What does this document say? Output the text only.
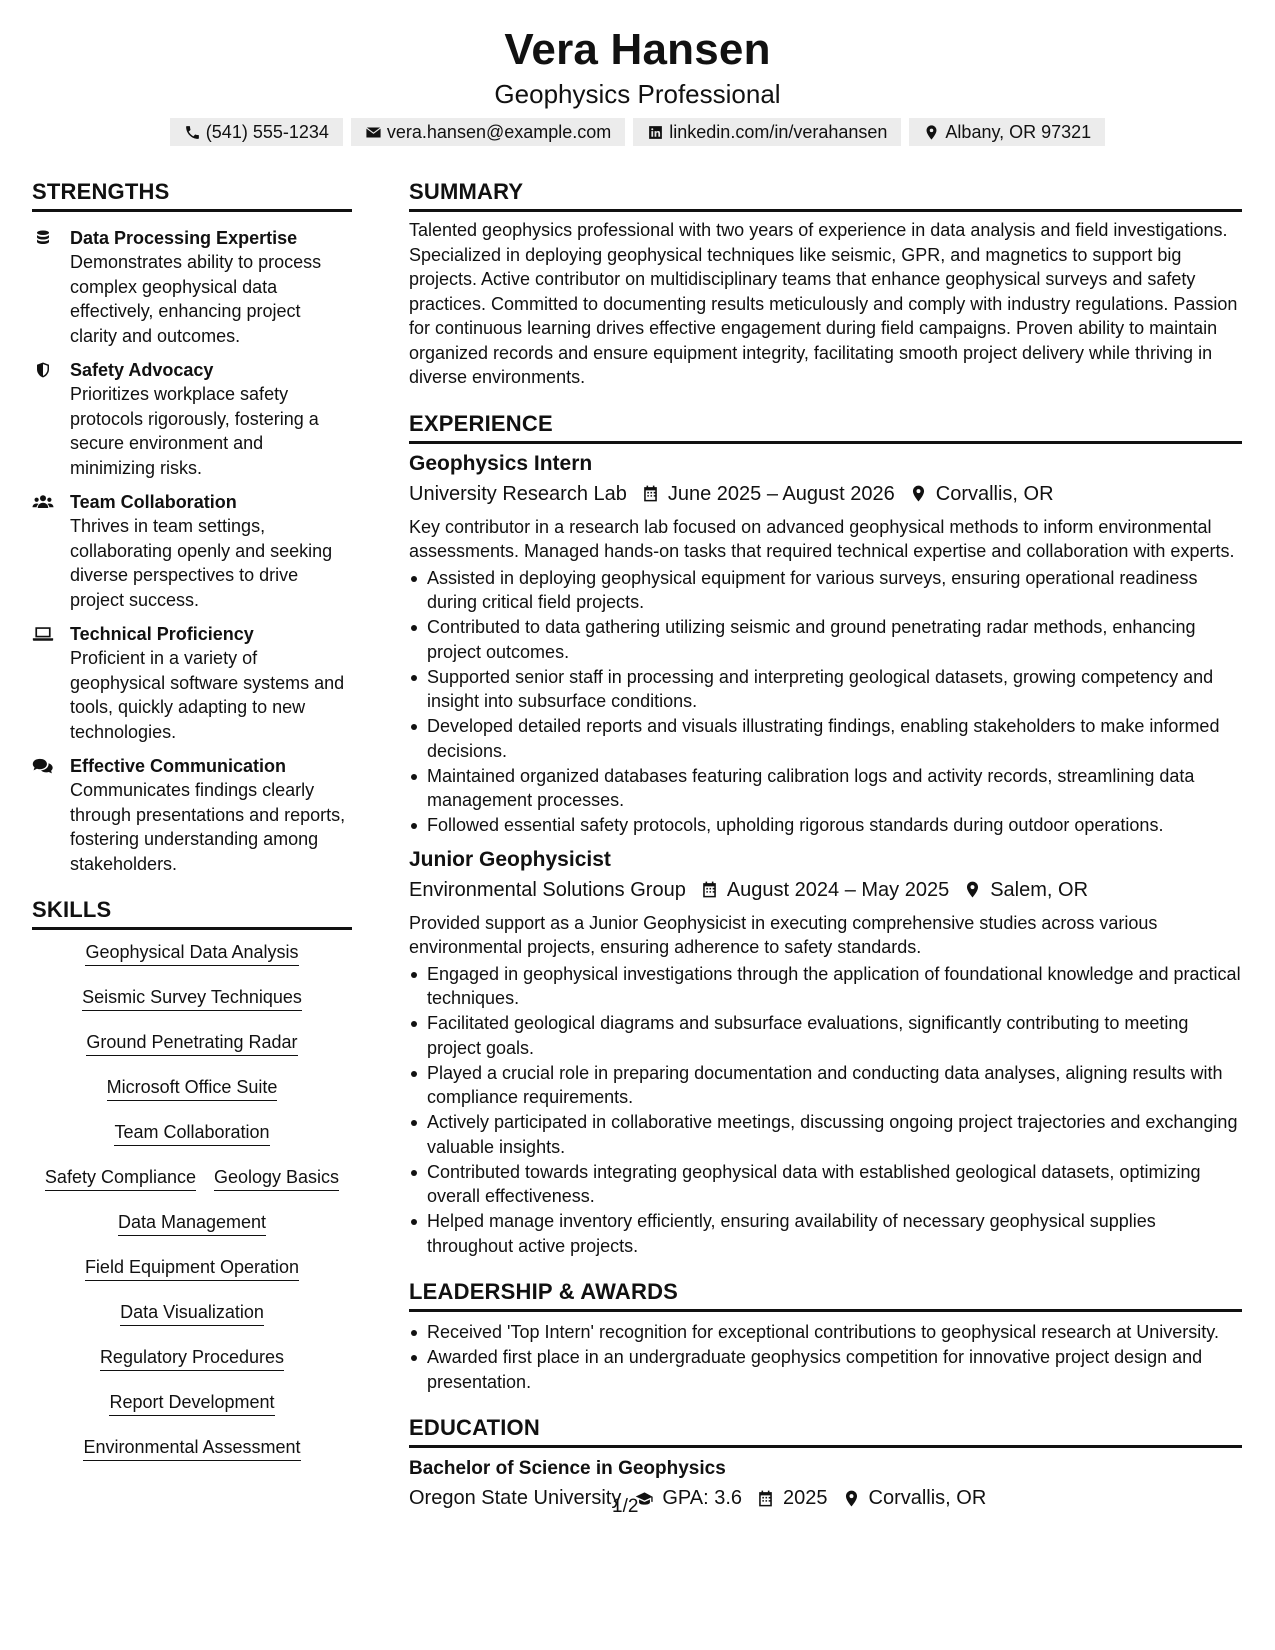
Vera Hansen
Geophysics Professional
(541) 555-1234	vera.hansen@example.com	linkedin.com/in/verahansen	Albany, OR 97321
STRENGTHS
Data Processing Expertise
Demonstrates ability to process complex geophysical data effectively, enhancing project clarity and outcomes.
Safety Advocacy
Prioritizes workplace safety protocols rigorously, fostering a secure environment and minimizing risks.
Team Collaboration
Thrives in team settings, collaborating openly and seeking diverse perspectives to drive project success.
Technical Proficiency
Proficient in a variety of geophysical software systems and tools, quickly adapting to new technologies.
Effective Communication
Communicates findings clearly through presentations and reports, fostering understanding among stakeholders.
SKILLS
Geophysical Data Analysis
Seismic Survey Techniques
Ground Penetrating Radar
Microsoft Office Suite
Team Collaboration
Safety Compliance Geology Basics
Data Management
Field Equipment Operation
Data Visualization
Regulatory Procedures
Report Development
Environmental Assessment
SUMMARY
Talented geophysics professional with two years of experience in data analysis and field investigations. Specialized in deploying geophysical techniques like seismic, GPR, and magnetics to support big projects. Active contributor on multidisciplinary teams that enhance geophysical surveys and safety practices. Committed to documenting results meticulously and comply with industry regulations. Passion for continuous learning drives effective engagement during field campaigns. Proven ability to maintain organized records and ensure equipment integrity, facilitating smooth project delivery while thriving in diverse environments.
EXPERIENCE
Geophysics Intern
University Research Lab June 2025 – August 2026 Corvallis, OR
Key contributor in a research lab focused on advanced geophysical methods to inform environmental assessments. Managed hands-on tasks that required technical expertise and collaboration with experts.
Assisted in deploying geophysical equipment for various surveys, ensuring operational readiness during critical field projects.
Contributed to data gathering utilizing seismic and ground penetrating radar methods, enhancing project outcomes.
Supported senior staff in processing and interpreting geological datasets, growing competency and insight into subsurface conditions.
Developed detailed reports and visuals illustrating findings, enabling stakeholders to make informed decisions.
Maintained organized databases featuring calibration logs and activity records, streamlining data management processes.
Followed essential safety protocols, upholding rigorous standards during outdoor operations.
Junior Geophysicist
Environmental Solutions Group August 2024 – May 2025 Salem, OR
Provided support as a Junior Geophysicist in executing comprehensive studies across various environmental projects, ensuring adherence to safety standards.
Engaged in geophysical investigations through the application of foundational knowledge and practical techniques.
Facilitated geological diagrams and subsurface evaluations, significantly contributing to meeting project goals.
Played a crucial role in preparing documentation and conducting data analyses, aligning results with compliance requirements.
Actively participated in collaborative meetings, discussing ongoing project trajectories and exchanging valuable insights.
Contributed towards integrating geophysical data with established geological datasets, optimizing overall effectiveness.
Helped manage inventory efficiently, ensuring availability of necessary geophysical supplies throughout active projects.
LEADERSHIP & AWARDS
Received 'Top Intern' recognition for exceptional contributions to geophysical research at University.
Awarded first place in an undergraduate geophysics competition for innovative project design and presentation.
EDUCATION
Bachelor of Science in Geophysics
Oregon State University GPA: 3.6 2025 Corvallis, OR
1/2
